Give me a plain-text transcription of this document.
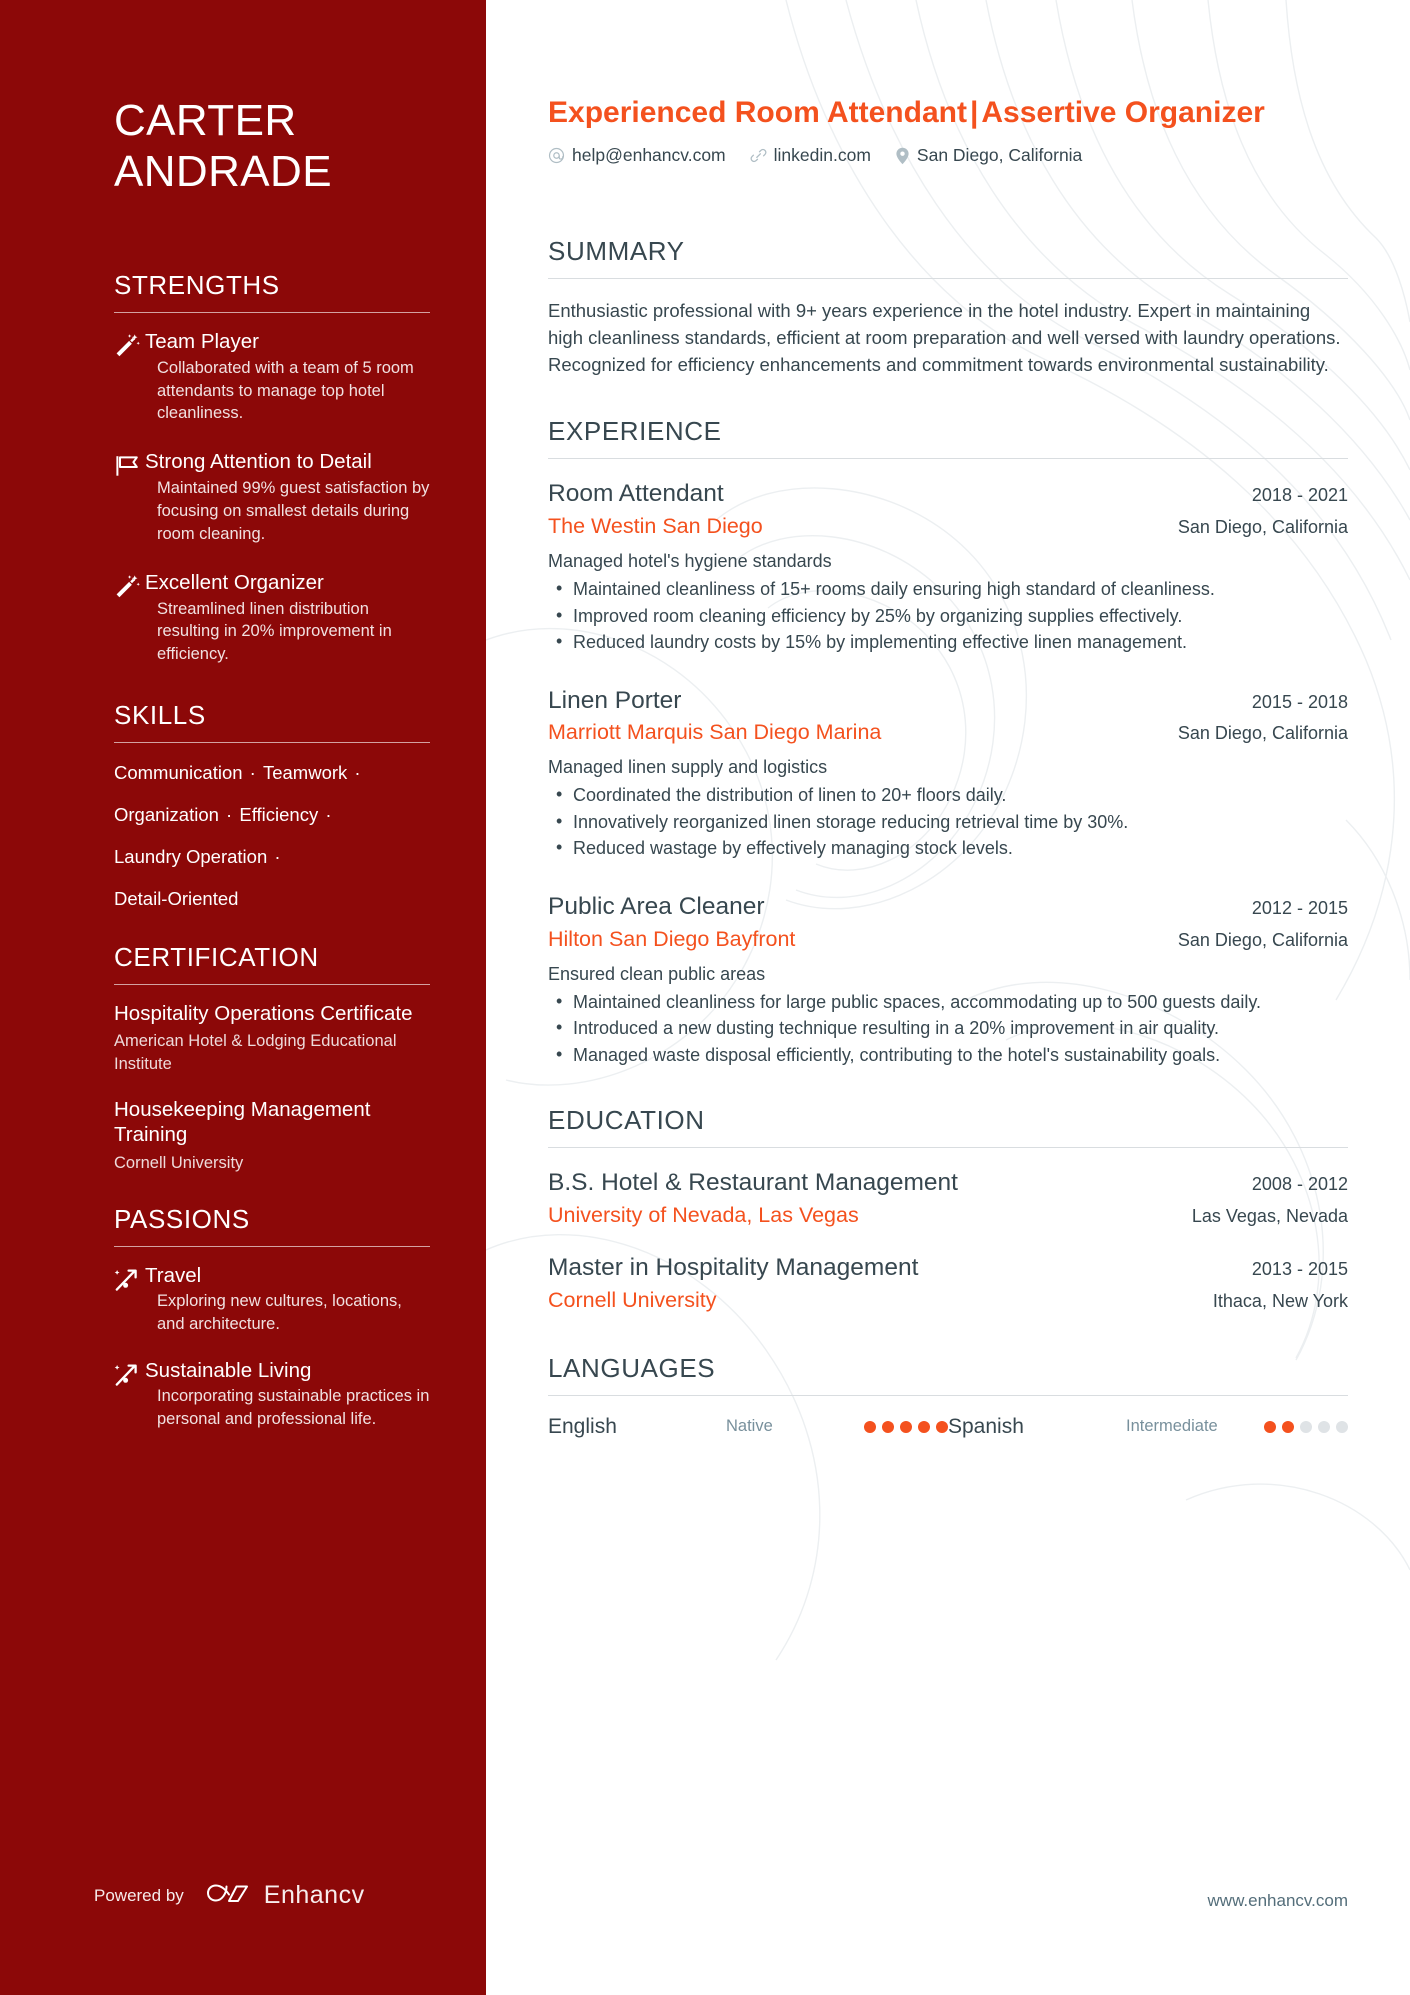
CARTER
ANDRADE
STRENGTHS
Team Player
Collaborated with a team of 5 room attendants to manage top hotel cleanliness.
Strong Attention to Detail
Maintained 99% guest satisfaction by focusing on smallest details during room cleaning.
Excellent Organizer
Streamlined linen distribution resulting in 20% improvement in efficiency.
SKILLS
Communication · Teamwork ·
Organization · Efficiency ·
Laundry Operation ·
Detail-Oriented
CERTIFICATION
Hospitality Operations Certificate
American Hotel & Lodging Educational Institute
Housekeeping Management Training
Cornell University
PASSIONS
Travel
Exploring new cultures, locations, and architecture.
Sustainable Living
Incorporating sustainable practices in personal and professional life.
Powered by	Enhancv
Experienced Room Attendant | Assertive Organizer
help@enhancv.com	linkedin.com	San Diego, California
SUMMARY

Enthusiastic professional with 9+ years experience in the hotel industry. Expert in maintaining high cleanliness standards, efficient at room preparation and well versed with laundry operations. Recognized for efficiency enhancements and commitment towards environmental sustainability.

EXPERIENCE
Room Attendant	2018 - 2021
The Westin San Diego	San Diego, California
Managed hotel's hygiene standards
• Maintained cleanliness of 15+ rooms daily ensuring high standard of cleanliness.
• Improved room cleaning efficiency by 25% by organizing supplies effectively.
• Reduced laundry costs by 15% by implementing effective linen management.
Linen Porter	2015 - 2018
Marriott Marquis San Diego Marina	San Diego, California
Managed linen supply and logistics
• Coordinated the distribution of linen to 20+ floors daily.
• Innovatively reorganized linen storage reducing retrieval time by 30%.
• Reduced wastage by effectively managing stock levels.
Public Area Cleaner	2012 - 2015
Hilton San Diego Bayfront	San Diego, California
Ensured clean public areas
• Maintained cleanliness for large public spaces, accommodating up to 500 guests daily.
• Introduced a new dusting technique resulting in a 20% improvement in air quality.
• Managed waste disposal efficiently, contributing to the hotel's sustainability goals.
EDUCATION
B.S. Hotel & Restaurant Management	2008 - 2012
University of Nevada, Las Vegas	Las Vegas, Nevada
Master in Hospitality Management	2013 - 2015
Cornell University	Ithaca, New York
LANGUAGES
English	Native	Spanish	Intermediate
www.enhancv.com
